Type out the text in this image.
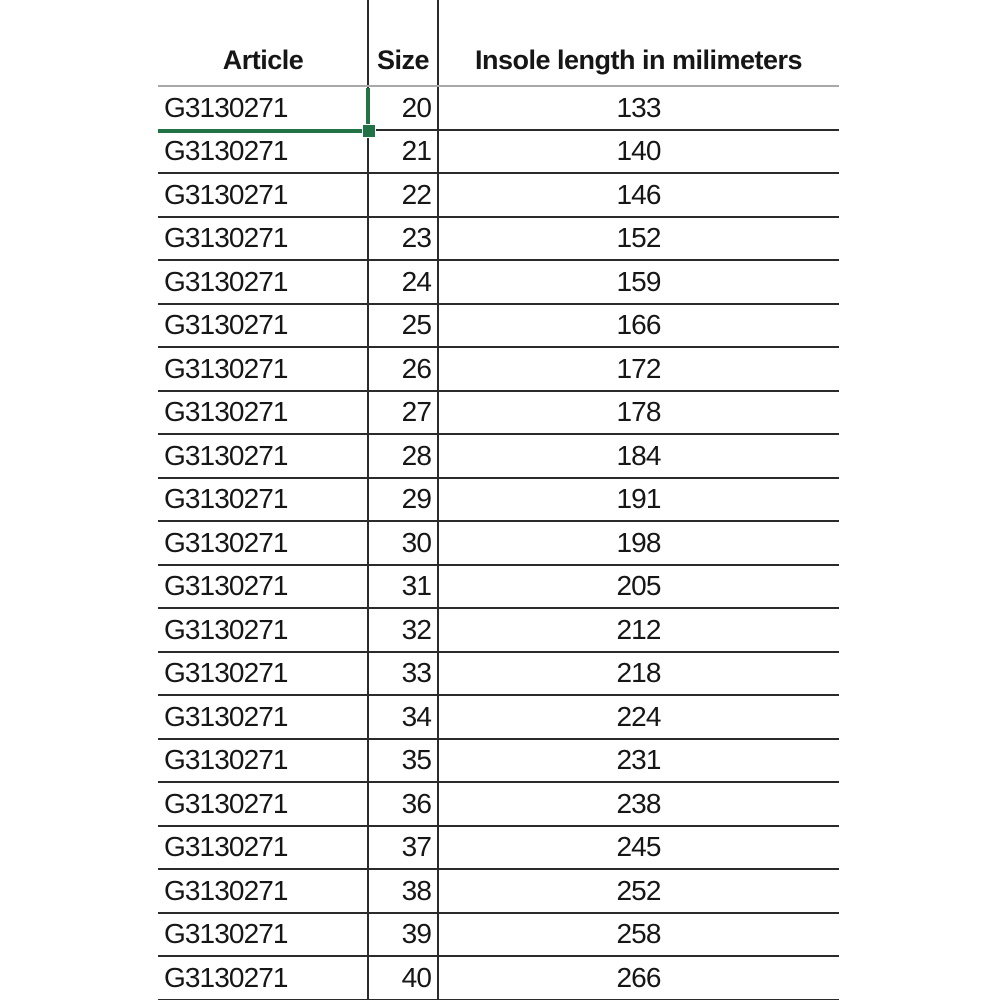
Article	Size	Insole length in milimeters
G3130271	20	133
G3130271	21	140
G3130271	22	146
G3130271	23	152
G3130271	24	159
G3130271	25	166
G3130271	26	172
G3130271	27	178
G3130271	28	184
G3130271	29	191
G3130271	30	198
G3130271	31	205
G3130271	32	212
G3130271	33	218
G3130271	34	224
G3130271	35	231
G3130271	36	238
G3130271	37	245
G3130271	38	252
G3130271	39	258
G3130271	40	266
